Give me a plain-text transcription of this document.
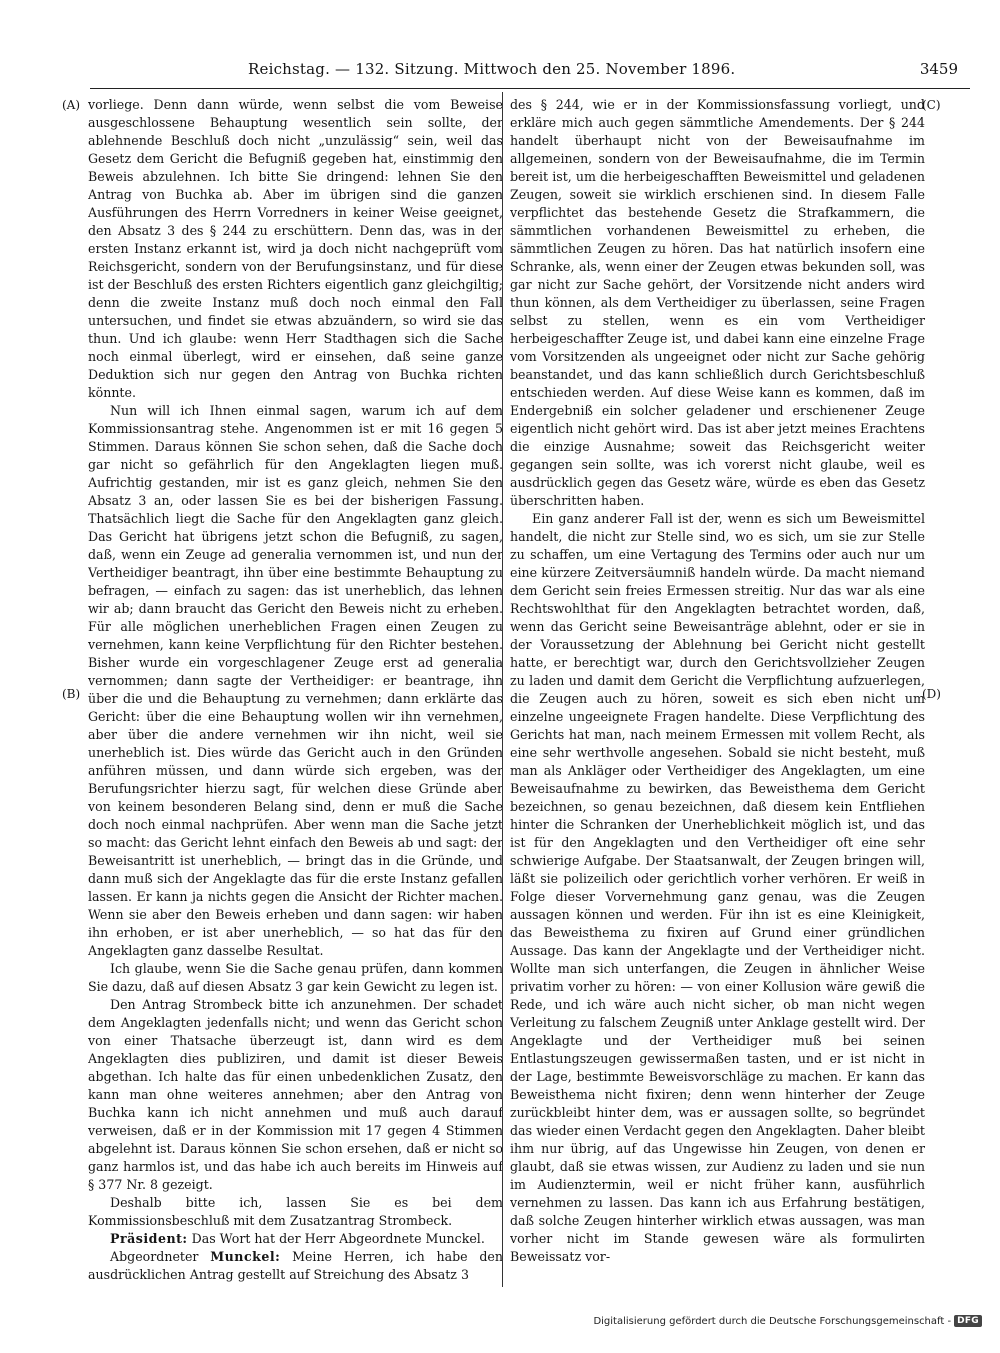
Reichstag. — 132. Sitzung. Mittwoch den 25. November 1896.	3459
(A)
(B)
(C)
(D)

vorliege. Denn dann würde, wenn selbst die vom Beweise ausgeschlossene Behauptung wesentlich sein sollte, der ablehnende Beschluß doch nicht „unzulässig“ sein, weil das Gesetz dem Gericht die Befugniß gegeben hat, einstimmig den Beweis abzulehnen. Ich bitte Sie dringend: lehnen Sie den Antrag von Buchka ab. Aber im übrigen sind die ganzen Ausführungen des Herrn Vorredners in keiner Weise geeignet, den Absatz 3 des § 244 zu erschüttern. Denn das, was in der ersten Instanz erkannt ist, wird ja doch nicht nachgeprüft vom Reichsgericht, sondern von der Berufungsinstanz, und für diese ist der Beschluß des ersten Richters eigentlich ganz gleichgiltig; denn die zweite Instanz muß doch noch einmal den Fall untersuchen, und findet sie etwas abzuändern, so wird sie das thun. Und ich glaube: wenn Herr Stadthagen sich die Sache noch einmal überlegt, wird er einsehen, daß seine ganze Deduktion sich nur gegen den Antrag von Buchka richten könnte.

Nun will ich Ihnen einmal sagen, warum ich auf dem Kommissionsantrag stehe. Angenommen ist er mit 16 gegen 5 Stimmen. Daraus können Sie schon sehen, daß die Sache doch gar nicht so gefährlich für den Angeklagten liegen muß. Aufrichtig gestanden, mir ist es ganz gleich, nehmen Sie den Absatz 3 an, oder lassen Sie es bei der bisherigen Fassung. Thatsächlich liegt die Sache für den Angeklagten ganz gleich. Das Gericht hat übrigens jetzt schon die Befugniß, zu sagen, daß, wenn ein Zeuge ad generalia vernommen ist, und nun der Vertheidiger beantragt, ihn über eine bestimmte Behauptung zu befragen, — einfach zu sagen: das ist unerheblich, das lehnen wir ab; dann braucht das Gericht den Beweis nicht zu erheben. Für alle möglichen unerheblichen Fragen einen Zeugen zu vernehmen, kann keine Verpflichtung für den Richter bestehen. Bisher wurde ein vorgeschlagener Zeuge erst ad generalia vernommen; dann sagte der Vertheidiger: er beantrage, ihn über die und die Behauptung zu vernehmen; dann erklärte das Gericht: über die eine Behauptung wollen wir ihn vernehmen, aber über die andere vernehmen wir ihn nicht, weil sie unerheblich ist. Dies würde das Gericht auch in den Gründen anführen müssen, und dann würde sich ergeben, was der Berufungsrichter hierzu sagt, für welchen diese Gründe aber von keinem besonderen Belang sind, denn er muß die Sache doch noch einmal nachprüfen. Aber wenn man die Sache jetzt so macht: das Gericht lehnt einfach den Beweis ab und sagt: der Beweisantritt ist unerheblich, — bringt das in die Gründe, und dann muß sich der Angeklagte das für die erste Instanz gefallen lassen. Er kann ja nichts gegen die Ansicht der Richter machen. Wenn sie aber den Beweis erheben und dann sagen: wir haben ihn erhoben, er ist aber unerheblich, — so hat das für den Angeklagten ganz dasselbe Resultat.

Ich glaube, wenn Sie die Sache genau prüfen, dann kommen Sie dazu, daß auf diesen Absatz 3 gar kein Gewicht zu legen ist.

Den Antrag Strombeck bitte ich anzunehmen. Der schadet dem Angeklagten jedenfalls nicht; und wenn das Gericht schon von einer Thatsache überzeugt ist, dann wird es dem Angeklagten dies publiziren, und damit ist dieser Beweis abgethan. Ich halte das für einen unbedenklichen Zusatz, den kann man ohne weiteres annehmen; aber den Antrag von Buchka kann ich nicht annehmen und muß auch darauf verweisen, daß er in der Kommission mit 17 gegen 4 Stimmen abgelehnt ist. Daraus können Sie schon ersehen, daß er nicht so ganz harmlos ist, und das habe ich auch bereits im Hinweis auf § 377 Nr. 8 gezeigt.

Deshalb bitte ich, lassen Sie es bei dem Kommissionsbeschluß mit dem Zusatzantrag Strombeck.

Präsident: Das Wort hat der Herr Abgeordnete Munckel.

Abgeordneter Munckel: Meine Herren, ich habe den ausdrücklichen Antrag gestellt auf Streichung des Absatz 3

des § 244, wie er in der Kommissionsfassung vorliegt, und erkläre mich auch gegen sämmtliche Amendements. Der § 244 handelt überhaupt nicht von der Beweisaufnahme im allgemeinen, sondern von der Beweisaufnahme, die im Termin bereit ist, um die herbeigeschafften Beweismittel und geladenen Zeugen, soweit sie wirklich erschienen sind. In diesem Falle verpflichtet das bestehende Gesetz die Strafkammern, die sämmtlichen vorhandenen Beweismittel zu erheben, die sämmtlichen Zeugen zu hören. Das hat natürlich insofern eine Schranke, als, wenn einer der Zeugen etwas bekunden soll, was gar nicht zur Sache gehört, der Vorsitzende nicht anders wird thun können, als dem Vertheidiger zu überlassen, seine Fragen selbst zu stellen, wenn es ein vom Vertheidiger herbeigeschaffter Zeuge ist, und dabei kann eine einzelne Frage vom Vorsitzenden als ungeeignet oder nicht zur Sache gehörig beanstandet, und das kann schließlich durch Gerichtsbeschluß entschieden werden. Auf diese Weise kann es kommen, daß im Endergebniß ein solcher geladener und erschienener Zeuge eigentlich nicht gehört wird. Das ist aber jetzt meines Erachtens die einzige Ausnahme; soweit das Reichsgericht weiter gegangen sein sollte, was ich vorerst nicht glaube, weil es ausdrücklich gegen das Gesetz wäre, würde es eben das Gesetz überschritten haben.

Ein ganz anderer Fall ist der, wenn es sich um Beweismittel handelt, die nicht zur Stelle sind, wo es sich, um sie zur Stelle zu schaffen, um eine Vertagung des Termins oder auch nur um eine kürzere Zeitversäumniß handeln würde. Da macht niemand dem Gericht sein freies Ermessen streitig. Nur das war als eine Rechtswohlthat für den Angeklagten betrachtet worden, daß, wenn das Gericht seine Beweisanträge ablehnt, oder er sie in der Voraussetzung der Ablehnung bei Gericht nicht gestellt hatte, er berechtigt war, durch den Gerichtsvollzieher Zeugen zu laden und damit dem Gericht die Verpflichtung aufzuerlegen, die Zeugen auch zu hören, soweit es sich eben nicht um einzelne ungeeignete Fragen handelte. Diese Verpflichtung des Gerichts hat man, nach meinem Ermessen mit vollem Recht, als eine sehr werthvolle angesehen. Sobald sie nicht besteht, muß man als Ankläger oder Vertheidiger des Angeklagten, um eine Beweisaufnahme zu bewirken, das Beweisthema dem Gericht bezeichnen, so genau bezeichnen, daß diesem kein Entfliehen hinter die Schranken der Unerheblichkeit möglich ist, und das ist für den Angeklagten und den Vertheidiger oft eine sehr schwierige Aufgabe. Der Staatsanwalt, der Zeugen bringen will, läßt sie polizeilich oder gerichtlich vorher verhören. Er weiß in Folge dieser Vorvernehmung ganz genau, was die Zeugen aussagen können und werden. Für ihn ist es eine Kleinigkeit, das Beweisthema zu fixiren auf Grund einer gründlichen Aussage. Das kann der Angeklagte und der Vertheidiger nicht. Wollte man sich unterfangen, die Zeugen in ähnlicher Weise privatim vorher zu hören: — von einer Kollusion wäre gewiß die Rede, und ich wäre auch nicht sicher, ob man nicht wegen Verleitung zu falschem Zeugniß unter Anklage gestellt wird. Der Angeklagte und der Vertheidiger muß bei seinen Entlastungszeugen gewissermaßen tasten, und er ist nicht in der Lage, bestimmte Beweisvorschläge zu machen. Er kann das Beweisthema nicht fixiren; denn wenn hinterher der Zeuge zurückbleibt hinter dem, was er aussagen sollte, so begründet das wieder einen Verdacht gegen den Angeklagten. Daher bleibt ihm nur übrig, auf das Ungewisse hin Zeugen, von denen er glaubt, daß sie etwas wissen, zur Audienz zu laden und sie nun im Audienztermin, weil er nicht früher kann, ausführlich vernehmen zu lassen. Das kann ich aus Erfahrung bestätigen, daß solche Zeugen hinterher wirklich etwas aussagen, was man vorher nicht im Stande gewesen wäre als formulirten Beweissatz vor-

Digitalisierung gefördert durch die Deutsche Forschungsgemeinschaft - DFG
